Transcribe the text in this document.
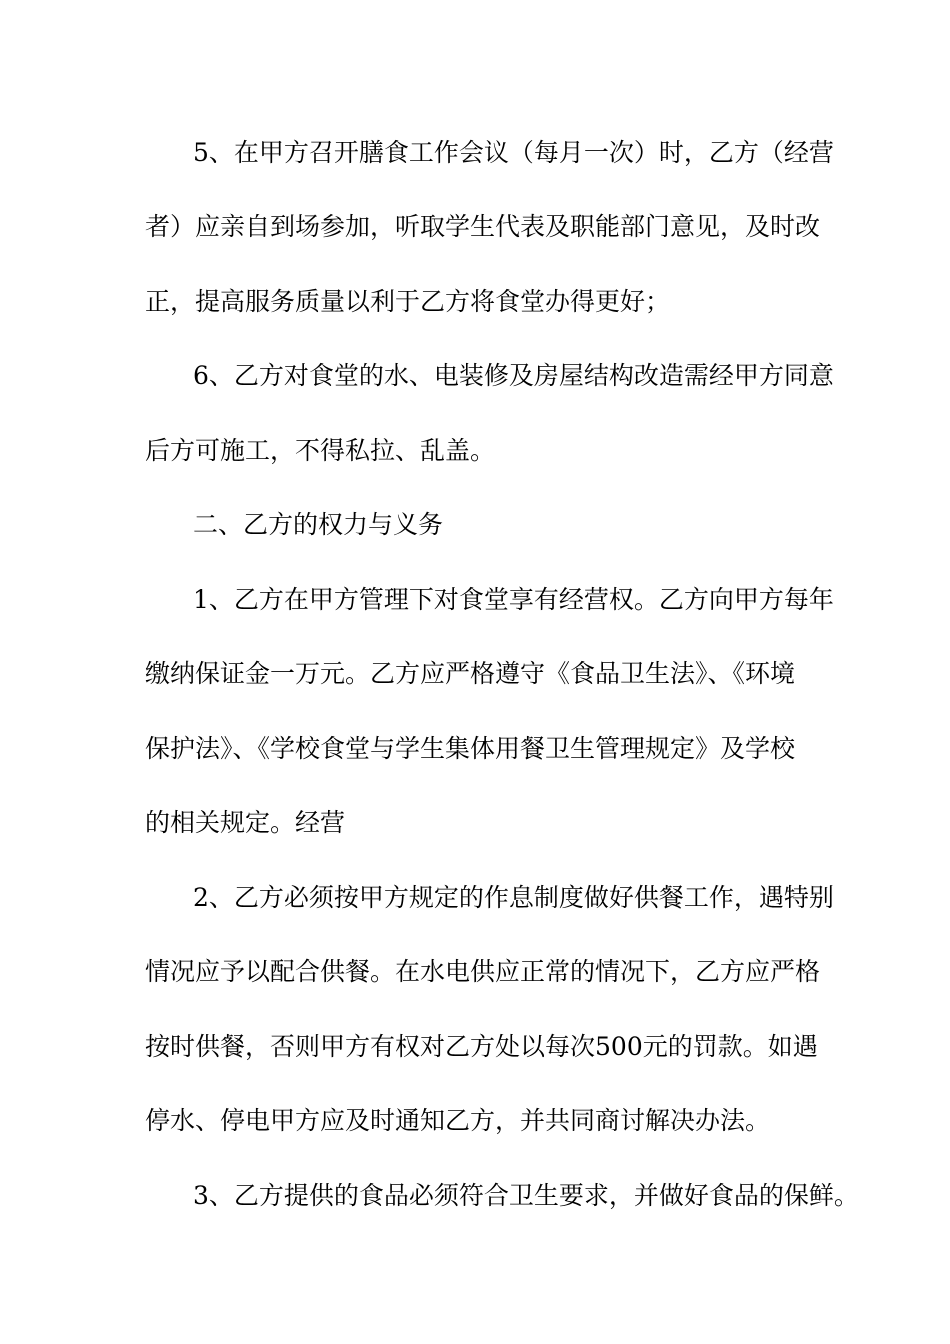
5、在甲方召开膳食工作会议（每月一次）时，乙方（经营
者）应亲自到场参加，听取学生代表及职能部门意见，及时改
正，提高服务质量以利于乙方将食堂办得更好；
6、乙方对食堂的水、电装修及房屋结构改造需经甲方同意
后方可施工，不得私拉、乱盖。
二、乙方的权力与义务
1、乙方在甲方管理下对食堂享有经营权。乙方向甲方每年
缴纳保证金一万元。乙方应严格遵守《食品卫生法》、《环境
保护法》、《学校食堂与学生集体用餐卫生管理规定》及学校
的相关规定。经营
2、乙方必须按甲方规定的作息制度做好供餐工作，遇特别
情况应予以配合供餐。在水电供应正常的情况下，乙方应严格
按时供餐，否则甲方有权对乙方处以每次500元的罚款。如遇
停水、停电甲方应及时通知乙方，并共同商讨解决办法。
3、乙方提供的食品必须符合卫生要求，并做好食品的保鲜。
